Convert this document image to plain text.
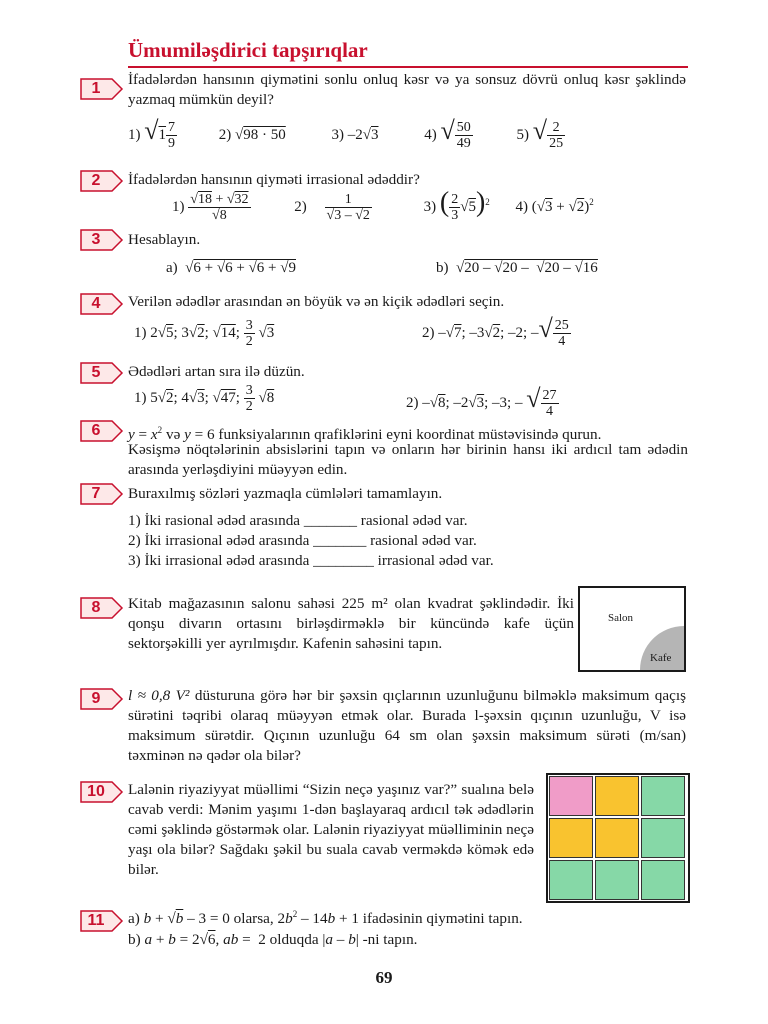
Ümumiləşdirici tapşırıqlar
1
2
3
4
5
6
7
8
9
10
11
İfadələrdən hansının qiymətini sonlu onluq kəsr və ya sonsuz dövrü onluq kəsr şəklində yazmaq mümkün deyil?
1) $√1 \frac{7}{9}$	2) √98 · 50	3) –2√3	4) √ $\frac{50}{49}$	5) √ $\frac{2}{25}$
İfadələrdən hansının qiyməti irrasional ədəddir?
$1) \frac{√18 + √32}{√8}$	$2) \frac{1}{√3 - √2}$	3) ( $\frac{2}{3} √5)^2$ 4) $(√3 + √2)^2$
Hesablayın.
a)  √6 + √6 + √6 + √9	b)  √20 – √20 –  √20 – √16
Verilən ədədlər arasından ən böyük və ən kiçik ədədləri seçin.
1) 2√5; 3√2; √14; $\frac{3}{2} √3$	2) –√7; –3√2; –2; –√ $\frac{25}{4}$
Ədədləri artan sıra ilə düzün.
1) 5√2; 4√3; √47; $\frac{3}{2} √8$	2) –√8; –2√3; –3; – √ $\frac{27}{4}$
$y = x^2$ və y = 6 funksiyalarının qrafiklərini eyni koordinat müstəvisində qurun.
Kəsişmə nöqtələrinin absislərini tapın və onların hər birinin hansı iki ardıcıl tam ədədin arasında yerləşdiyini müəyyən edin.
Buraxılmış sözləri yazmaqla cümlələri tamamlayın.
1) İki rasional ədəd arasında _______ rasional ədəd var.
2) İki irrasional ədəd arasında _______ rasional ədəd var.
3) İki irrasional ədəd arasında ________ irrasional ədəd var.
Kitab mağazasının salonu sahəsi 225 m² olan kvadrat şəklindədir. İki qonşu divarın ortasını birləşdirməklə bir küncündə kafe üçün sektorşəkilli yer ayrılmışdır. Kafenin sahəsini tapın.
Salon
Kafe
l ≈ 0,8 V² düsturuna görə hər bir şəxsin qıçlarının uzunluğunu bilməklə maksimum qaçış sürətini təqribi olaraq müəyyən etmək olar. Burada l-şəxsin qıçının uzunluğu, V isə maksimum sürətdir. Qıçının uzunluğu 64 sm olan şəxsin maksimum sürəti (m/san) təxminən nə qədər ola bilər?
Lalənin riyaziyyat müəllimi “Sizin neçə yaşınız var?” sualına belə cavab verdi: Mənim yaşımı 1-dən başlayaraq ardıcıl tək ədədlərin cəmi şəklində göstərmək olar. Lalənin riyaziyyat müəlliminin neçə yaşı ola bilər? Sağdakı şəkil bu suala cavab verməkdə kömək edə bilər.
a) b + √b – 3 = 0 olarsa, $2b^2 - 14b + 1$ ifadəsinin qiymətini tapın.
b) a + b = 2√6, ab =  2 olduqda |a – b| -ni tapın.
69
